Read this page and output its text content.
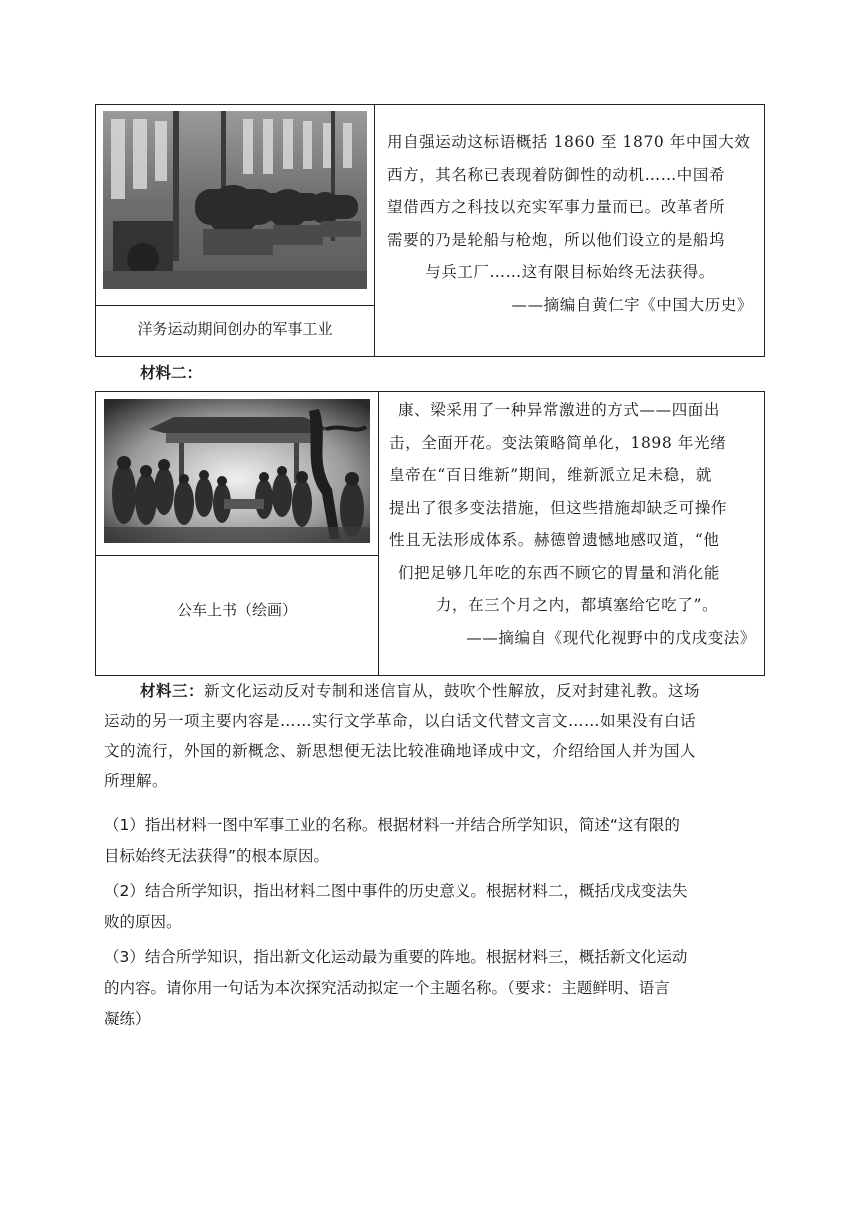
洋务运动期间创办的军事工业
用自强运动这标语概括 1860 至 1870 年中国大效
西方，其名称已表现着防御性的动机……中国希
望借西方之科技以充实军事力量而已。改革者所
需要的乃是轮船与枪炮，所以他们设立的是船坞
与兵工厂……这有限目标始终无法获得。
——摘编自黄仁宇《中国大历史》
材料二：
公车上书（绘画）
康、梁采用了一种异常激进的方式——四面出
击，全面开花。变法策略简单化，1898 年光绪
皇帝在“百日维新”期间，维新派立足未稳，就
提出了很多变法措施，但这些措施却缺乏可操作
性且无法形成体系。赫德曾遗憾地感叹道，“他
们把足够几年吃的东西不顾它的胃量和消化能
力，在三个月之内，都填塞给它吃了”。
——摘编自《现代化视野中的戊戌变法》
材料三：新文化运动反对专制和迷信盲从，鼓吹个性解放，反对封建礼教。这场
运动的另一项主要内容是……实行文学革命，以白话文代替文言文……如果没有白话
文的流行，外国的新概念、新思想便无法比较准确地译成中文，介绍给国人并为国人
所理解。
（1）指出材料一图中军事工业的名称。根据材料一并结合所学知识，简述“这有限的
目标始终无法获得”的根本原因。
（2）结合所学知识，指出材料二图中事件的历史意义。根据材料二，概括戊戌变法失
败的原因。
（3）结合所学知识，指出新文化运动最为重要的阵地。根据材料三，概括新文化运动
的内容。请你用一句话为本次探究活动拟定一个主题名称。（要求：主题鲜明、语言
凝练）
